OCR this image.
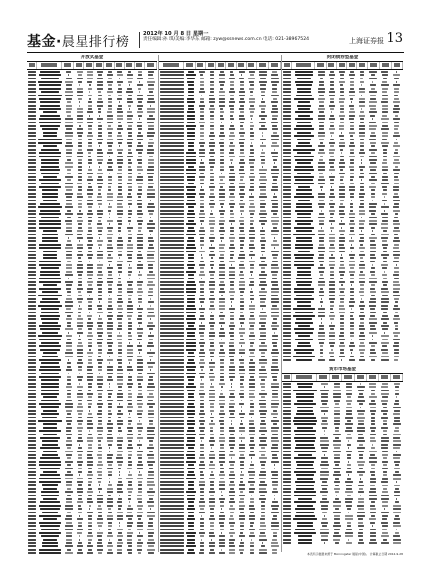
基金·晨星排行榜
2012年 10 月 8 日 星期一
责任编辑:孙 琪/美编:李华东 邮箱: zyw@ssnews.com.cn 电话: 021-38967524	上海证券报 13
开放式基金	封闭债券型基金
货币市场基金
本表所示数据来源于 Morningstar 晨星(中国)。 计算截止日期 2012-9-28
